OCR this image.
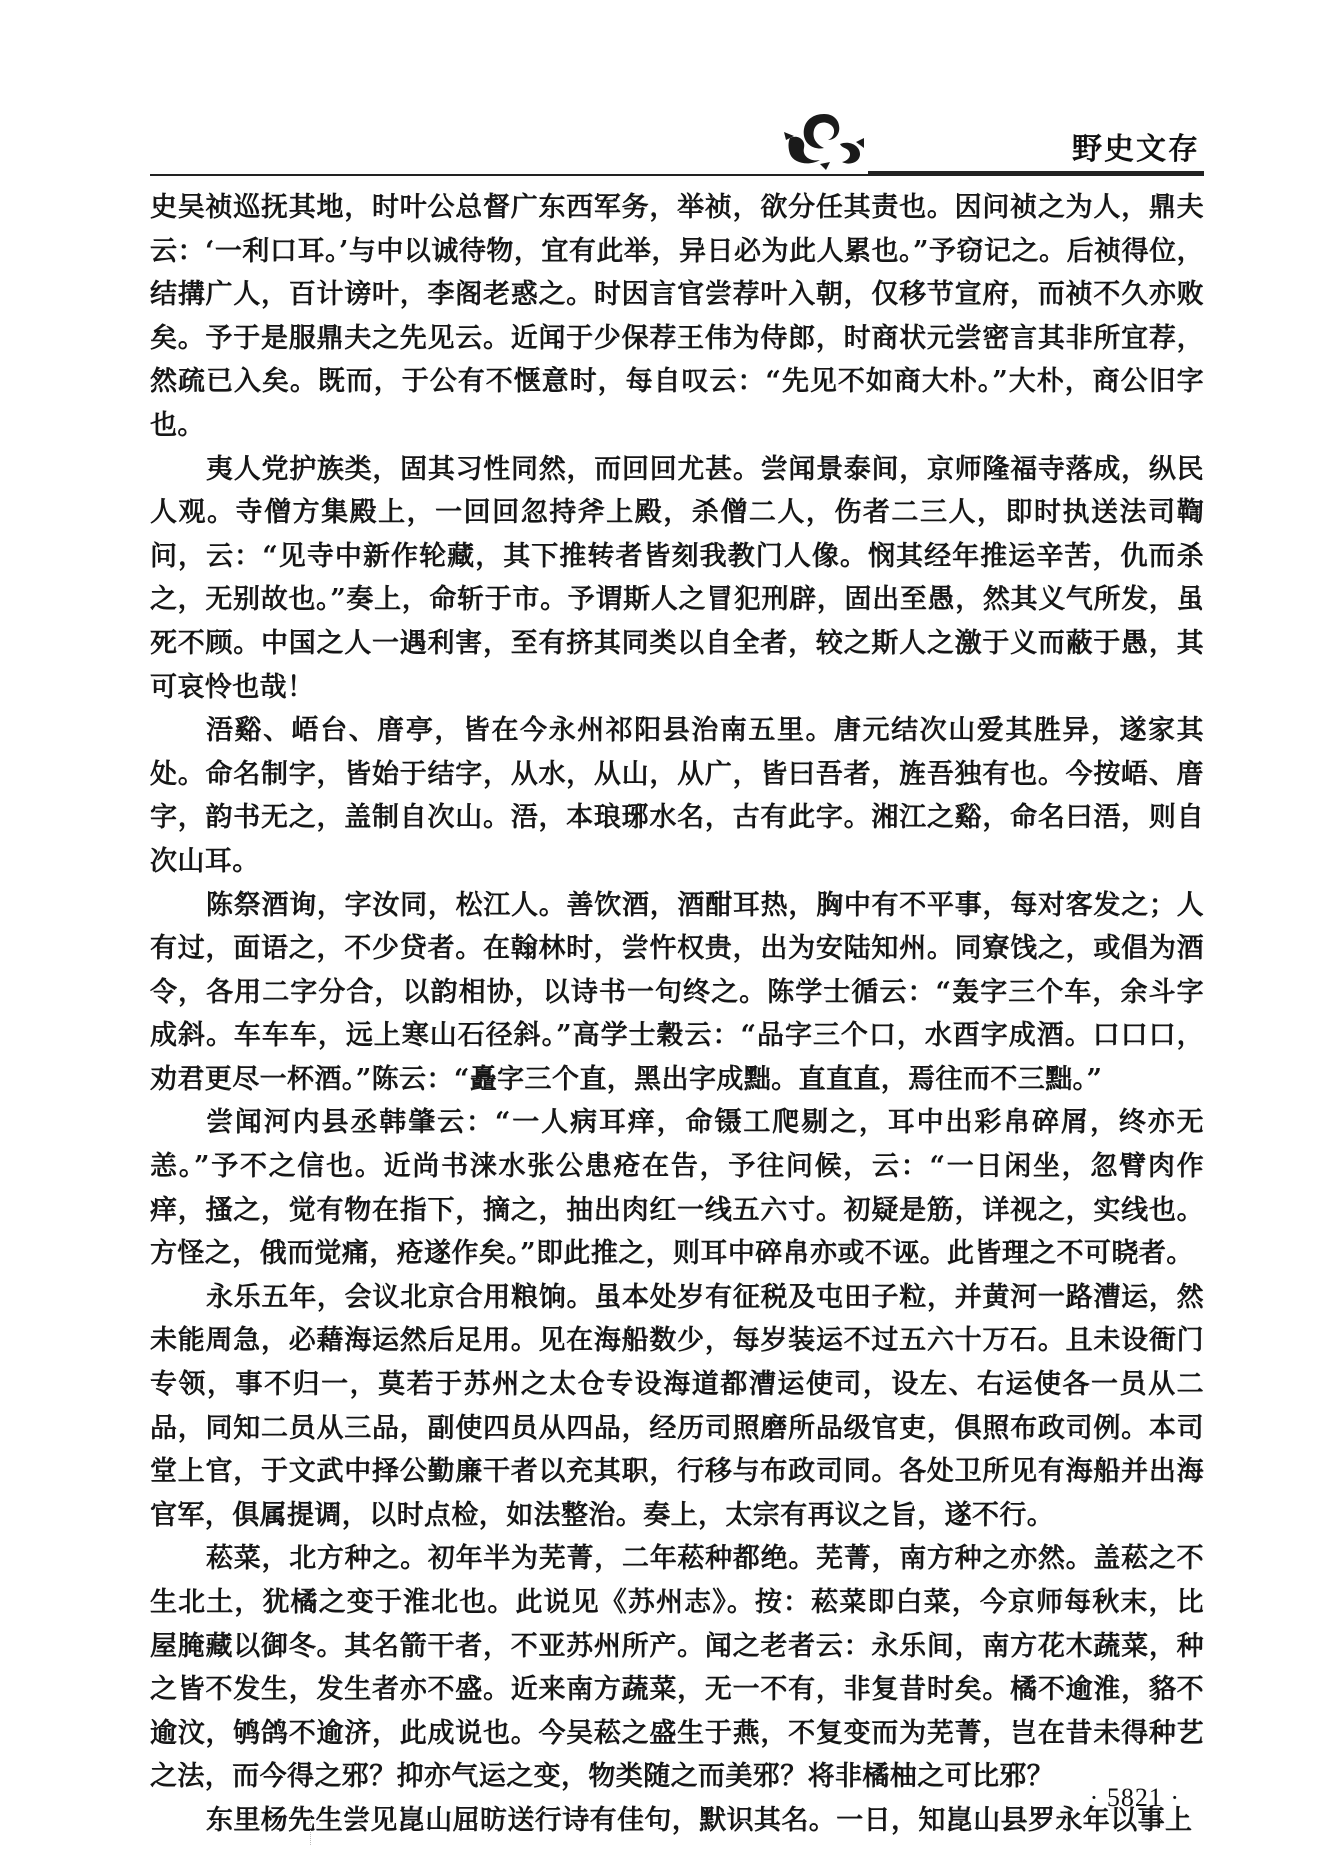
野史文存

史吴祯巡抚其地，时叶公总督广东西军务，举祯，欲分任其责也。因问祯之为人，鼎夫云：‘一利口耳。’与中以诚待物，宜有此举，异日必为此人累也。”予窃记之。后祯得位，结搆广人，百计谤叶，李阁老惑之。时因言官尝荐叶入朝，仅移节宣府，而祯不久亦败矣。予于是服鼎夫之先见云。近闻于少保荐王伟为侍郎，时商状元尝密言其非所宜荐，然疏已入矣。既而，于公有不惬意时，每自叹云：“先见不如商大朴。”大朴，商公旧字也。

夷人党护族类，固其习性同然，而回回尤甚。尝闻景泰间，京师隆福寺落成，纵民人观。寺僧方集殿上，一回回忽持斧上殿，杀僧二人，伤者二三人，即时执送法司鞫问，云：“见寺中新作轮藏，其下推转者皆刻我教门人像。悯其经年推运辛苦，仇而杀之，无别故也。”奏上，命斩于市。予谓斯人之冒犯刑辟，固出至愚，然其义气所发，虽死不顾。中国之人一遇利害，至有挤其同类以自全者，较之斯人之激于义而蔽于愚，其可哀怜也哉！

浯谿、峿台、庴亭，皆在今永州祁阳县治南五里。唐元结次山爱其胜异，遂家其处。命名制字，皆始于结字，从水，从山，从广，皆曰吾者，旌吾独有也。今按峿、庴字，韵书无之，盖制自次山。浯，本琅琊水名，古有此字。湘江之谿，命名曰浯，则自次山耳。

陈祭酒询，字汝同，松江人。善饮酒，酒酣耳热，胸中有不平事，每对客发之；人有过，面语之，不少贷者。在翰林时，尝忤权贵，出为安陆知州。同寮饯之，或倡为酒令，各用二字分合，以韵相协，以诗书一句终之。陈学士循云：“轰字三个车，余斗字成斜。车车车，远上寒山石径斜。”高学士穀云：“品字三个口，水酉字成酒。口口口，劝君更尽一杯酒。”陈云：“矗字三个直，黑出字成黜。直直直，焉往而不三黜。”

尝闻河内县丞韩肇云：“一人病耳痒，命镊工爬剔之，耳中出彩帛碎屑，终亦无恙。”予不之信也。近尚书涞水张公患疮在告，予往问候，云：“一日闲坐，忽臂肉作痒，搔之，觉有物在指下，摘之，抽出肉红一线五六寸。初疑是筋，详视之，实线也。方怪之，俄而觉痛，疮遂作矣。”即此推之，则耳中碎帛亦或不诬。此皆理之不可晓者。

永乐五年，会议北京合用粮饷。虽本处岁有征税及屯田子粒，并黄河一路漕运，然未能周急，必藉海运然后足用。见在海船数少，每岁装运不过五六十万石。且未设衙门专领，事不归一，莫若于苏州之太仓专设海道都漕运使司，设左、右运使各一员从二品，同知二员从三品，副使四员从四品，经历司照磨所品级官吏，俱照布政司例。本司堂上官，于文武中择公勤廉干者以充其职，行移与布政司同。各处卫所见有海船并出海官军，俱属提调，以时点检，如法整治。奏上，太宗有再议之旨，遂不行。

菘菜，北方种之。初年半为芜菁，二年菘种都绝。芜菁，南方种之亦然。盖菘之不生北土，犹橘之变于淮北也。此说见《苏州志》。按：菘菜即白菜，今京师每秋末，比屋腌藏以御冬。其名箭干者，不亚苏州所产。闻之老者云：永乐间，南方花木蔬菜，种之皆不发生，发生者亦不盛。近来南方蔬菜，无一不有，非复昔时矣。橘不逾淮，貉不逾汶，鸲鸽不逾济，此成说也。今吴菘之盛生于燕，不复变而为芜菁，岂在昔未得种艺之法，而今得之邪？抑亦气运之变，物类随之而美邪？将非橘柚之可比邪？

东里杨先生尝见崑山屈昉送行诗有佳句，默识其名。一日，知崑山县罗永年以事上

· 5821 ·
